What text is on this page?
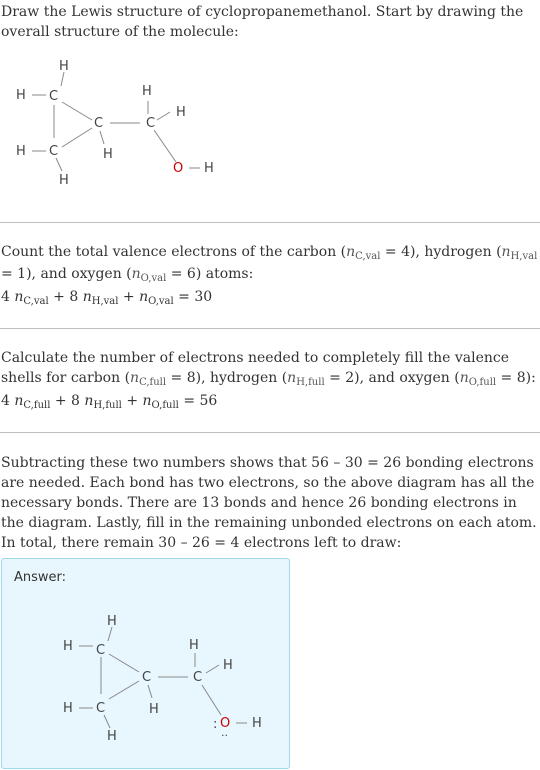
Draw the Lewis structure of cyclopropanemethanol. Start by drawing the overall structure of the molecule:

H
H C
C
C
H
H
H
H
C
H
O H

Count the total valence electrons of the carbon $(n_{C,val} = 4)$, hydrogen $(n_{H,val} = 1)$, and oxygen $(n_{O,val} = 6)$ atoms:

4 $n_{C,val} + 8$ $n_{H,val} + n_{O,val} = 30$

Calculate the number of electrons needed to completely fill the valence shells for carbon $(n_{C,full} = 8)$, hydrogen $(n_{H,full} = 2)$, and oxygen $(n_{O,full} = 8)$:

4 $n_{C,full} + 8$ $n_{H,full} + n_{O,full} = 56$

Subtracting these two numbers shows that 56 – 30 = 26 bonding electrons are needed. Each bond has two electrons, so the above diagram has all the necessary bonds. There are 13 bonds and hence 26 bonding electrons in the diagram. Lastly, fill in the remaining unbonded electrons on each atom. In total, there remain 30 – 26 = 4 electrons left to draw:

Answer:
H
H C
C
C
H
H
H
H
C
H
: O
··
H
